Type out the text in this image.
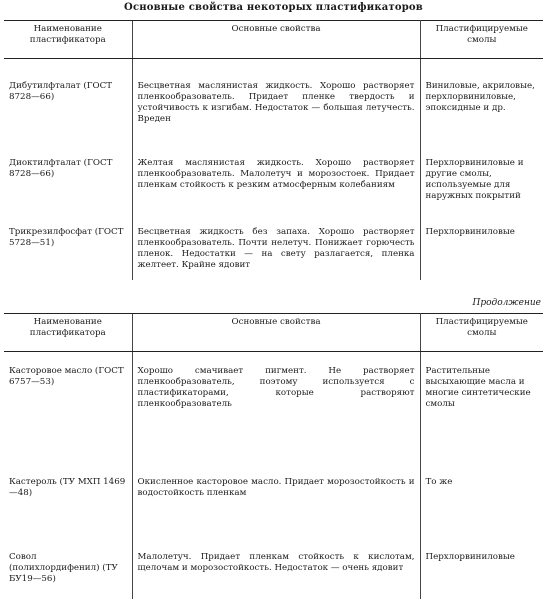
Основные свойства некоторых пластификаторов
Наименование пластификатора	Основные свойства	Пластифицируемые смолы
Дибутилфталат (ГОСТ 8728—66)	Бесцветная маслянистая жидкость. Хорошо растворяет пленкообразователь. Придает пленке твердость и устойчивость к изгибам. Недостаток — большая летучесть. Вреден	Виниловые, акриловые, перхлорвиниловые, эпоксидные и др.
Диоктилфталат (ГОСТ 8728—66)	Желтая маслянистая жидкость. Хорошо растворяет пленкообразователь. Малолетуч и морозостоек. Придает пленкам стойкость к резким атмосферным колебаниям	Перхлорвиниловые и другие смолы, используемые для наружных покрытий
Трикрезилфосфат (ГОСТ 5728—51)	Бесцветная жидкость без запаха. Хорошо растворяет пленкообразователь. Почти нелетуч. Понижает горючесть пленок. Недостатки — на свету разлагается, пленка желтеет. Крайне ядовит	Перхлорвиниловые
Продолжение
Наименование пластификатора	Основные свойства	Пластифицируемые смолы
Касторовое масло (ГОСТ 6757—53)	Хорошо смачивает пигмент. Не растворяет пленкообразователь, поэтому используется с пластификаторами, которые растворяют пленкообразователь	Растительные высыхающие масла и многие синтетические смолы
Кастероль (ТУ МХП 1469—48)	Окисленное касторовое масло. Придает морозостойкость и водостойкость пленкам	То же
Совол (полихлордифенил) (ТУ БУ19—56)	Малолетуч. Придает пленкам стойкость к кислотам, щелочам и морозостойкость. Недостаток — очень ядовит	Перхлорвиниловые
